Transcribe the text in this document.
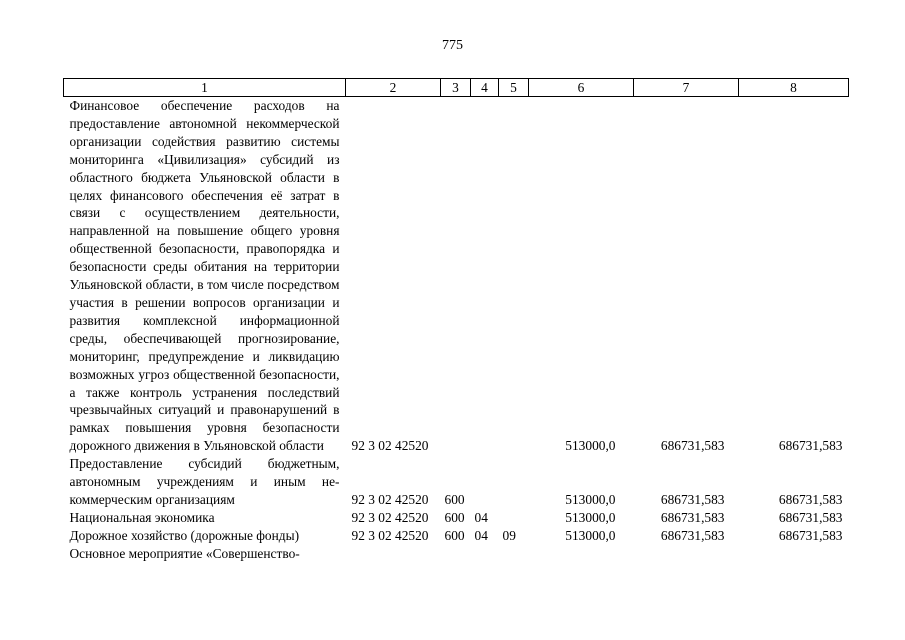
775
1	2	3	4	5	6	7	8
Финансовое обеспечение расходов на предоставление автономной некоммерческой организации содействия развитию системы мониторинга «Цивилизация» субсидий из областного бюджета Ульяновской области в целях финансового обеспечения её затрат в связи с осуществлением деятельности, направленной на повышение общего уровня общественной безопасности, правопорядка и безопасности среды обитания на территории Ульяновской области, в том числе посредством участия в решении вопросов организации и развития комплексной информационной среды, обеспечивающей прогнозирование, мониторинг, предупреждение и ликвидацию возможных угроз общественной безопасности, а также контроль устранения последствий чрезвычайных ситуаций и правонарушений в рамках повышения уровня безопасности дорожного движения в Ульяновской области	92 3 02 42520				513000,0	686731,583	686731,583
Предоставление субсидий бюджетным, автономным учреждениям и иным некоммерческим организациям	92 3 02 42520	600			513000,0	686731,583	686731,583
Национальная экономика	92 3 02 42520	600	04		513000,0	686731,583	686731,583
Дорожное хозяйство (дорожные фонды)	92 3 02 42520	600	04	09	513000,0	686731,583	686731,583
Основное мероприятие «Совершенство-							
